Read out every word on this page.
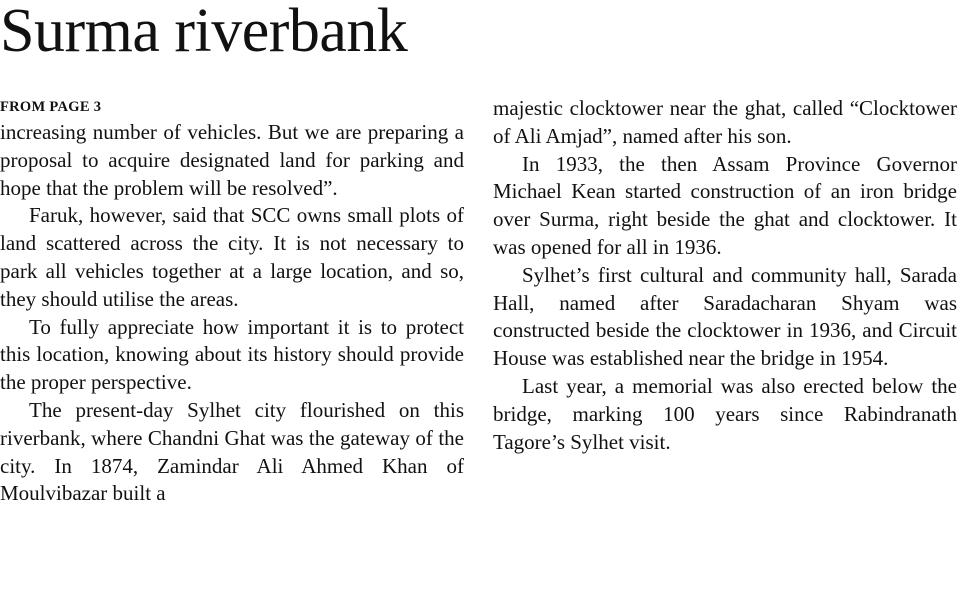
Surma riverbank
FROM PAGE 3

increasing number of vehicles. But we are preparing a proposal to acquire designated land for parking and hope that the problem will be resolved”.

Faruk, however, said that SCC owns small plots of land scattered across the city. It is not necessary to park all vehicles together at a large location, and so, they should utilise the areas.

To fully appreciate how important it is to protect this location, knowing about its history should provide the proper perspective.

The present-day Sylhet city flourished on this riverbank, where Chandni Ghat was the gateway of the city. In 1874, Zamindar Ali Ahmed Khan of Moulvibazar built a

majestic clocktower near the ghat, called “Clocktower of Ali Amjad”, named after his son.

In 1933, the then Assam Province Governor Michael Kean started construction of an iron bridge over Surma, right beside the ghat and clocktower. It was opened for all in 1936.

Sylhet’s first cultural and community hall, Sarada Hall, named after Saradacharan Shyam was constructed beside the clocktower in 1936, and Circuit House was established near the bridge in 1954.

Last year, a memorial was also erected below the bridge, marking 100 years since Rabindranath Tagore’s Sylhet visit.
